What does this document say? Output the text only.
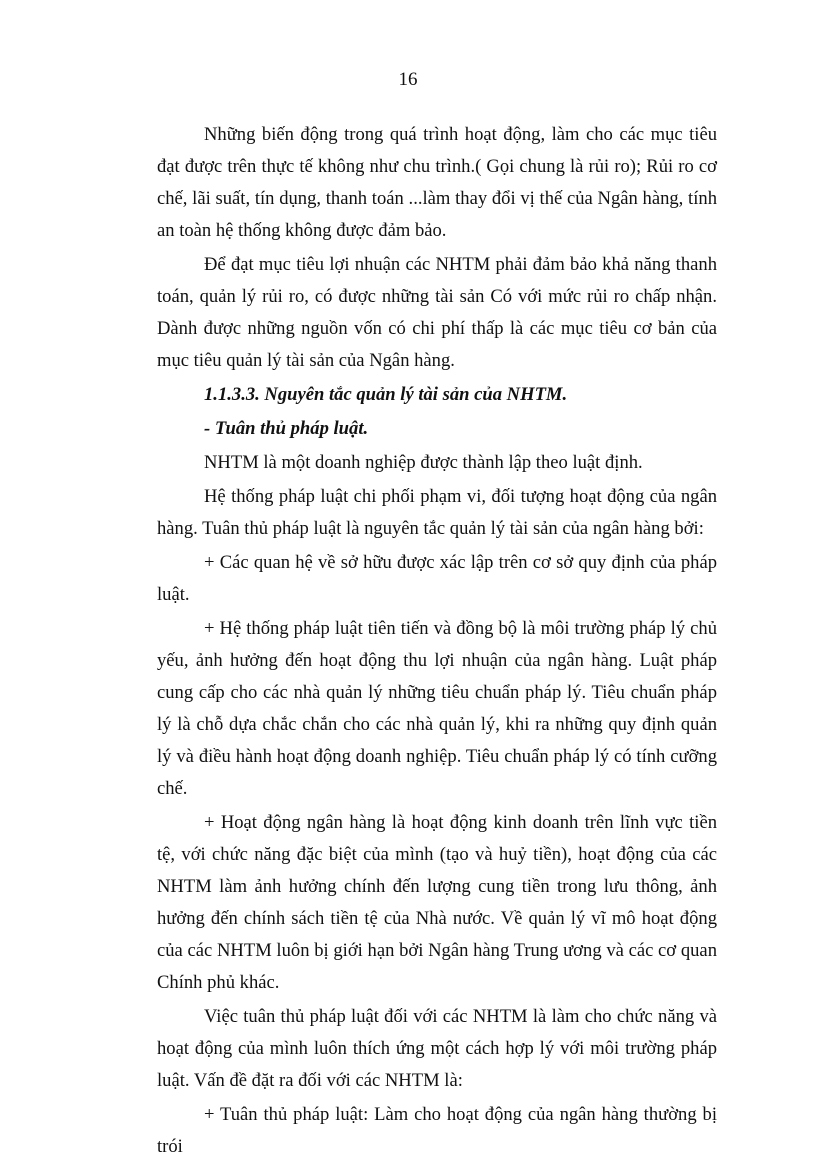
16

Những biến động trong quá trình hoạt động, làm cho các mục tiêu đạt được trên thực tế không như chu trình.( Gọi chung là rủi ro); Rủi ro cơ chế, lãi suất, tín dụng, thanh toán ...làm thay đổi vị thế của Ngân hàng, tính an toàn hệ thống không được đảm bảo.

Để đạt mục tiêu lợi nhuận các NHTM phải đảm bảo khả năng thanh toán, quản lý rủi ro, có được những tài sản Có với mức rủi ro chấp nhận. Dành được những nguồn vốn có chi phí thấp là các mục tiêu cơ bản của mục tiêu quản lý tài sản của Ngân hàng.

1.1.3.3. Nguyên tắc quản lý tài sản của NHTM.

- Tuân thủ pháp luật.

NHTM là một doanh nghiệp được thành lập theo luật định.

Hệ thống pháp luật chi phối phạm vi, đối tượng hoạt động của ngân hàng. Tuân thủ pháp luật là nguyên tắc quản lý tài sản của ngân hàng bởi:

+ Các quan hệ về sở hữu được xác lập trên cơ sở quy định của pháp luật.

+ Hệ thống pháp luật tiên tiến và đồng bộ là môi trường pháp lý chủ yếu, ảnh hưởng đến hoạt động thu lợi nhuận của ngân hàng. Luật pháp cung cấp cho các nhà quản lý những tiêu chuẩn pháp lý. Tiêu chuẩn pháp lý là chỗ dựa chắc chắn cho các nhà quản lý, khi ra những quy định quản lý và điều hành hoạt động doanh nghiệp. Tiêu chuẩn pháp lý có tính cưỡng chế.

+ Hoạt động ngân hàng là hoạt động kinh doanh trên lĩnh vực tiền tệ, với chức năng đặc biệt của mình (tạo và huỷ tiền), hoạt động của các NHTM làm ảnh hưởng chính đến lượng cung tiền trong lưu thông, ảnh hưởng đến chính sách tiền tệ của Nhà nước. Về quản lý vĩ mô hoạt động của các NHTM luôn bị giới hạn bởi Ngân hàng Trung ương và các cơ quan Chính phủ khác.

Việc tuân thủ pháp luật đối với các NHTM là làm cho chức năng và hoạt động của mình luôn thích ứng một cách hợp lý với môi trường pháp luật. Vấn đề đặt ra đối với các NHTM là:

+ Tuân thủ pháp luật: Làm cho hoạt động của ngân hàng thường bị trói
